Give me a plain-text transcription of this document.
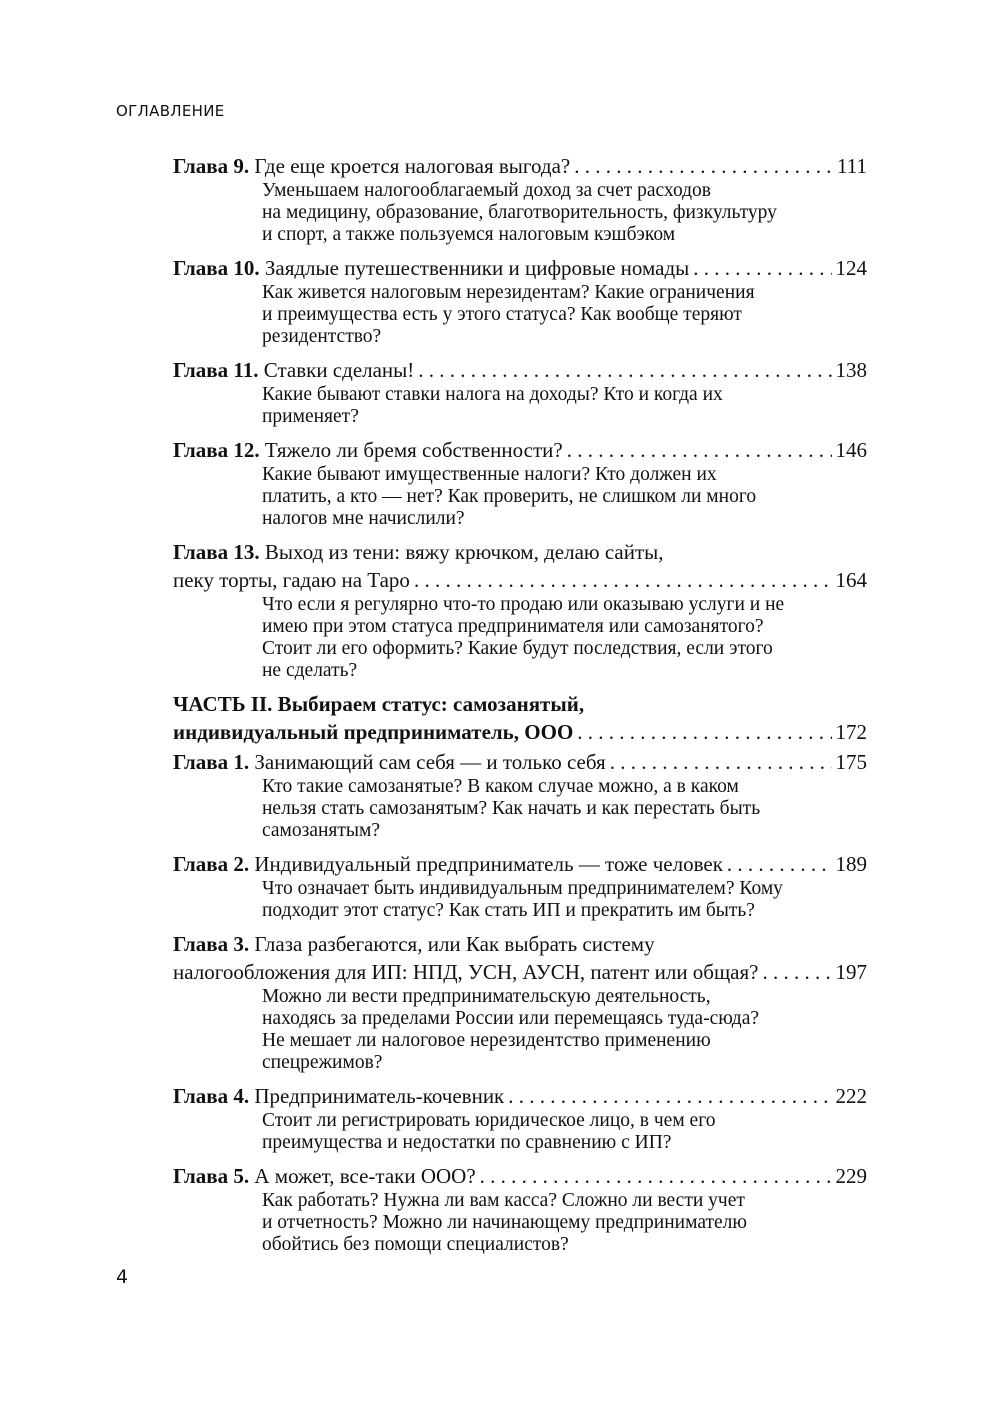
ОГЛАВЛЕНИЕ
Глава 9. Где еще кроется налоговая выгода? . . .	111
Уменьшаем налогооблагаемый доход за счет расходов
на медицину, образование, благотворительность, физкультуру
и спорт, а также пользуемся налоговым кэшбэком
Глава 10. Заядлые путешественники и цифровые номады . . .	124
Как живется налоговым нерезидентам? Какие ограничения
и преимущества есть у этого статуса? Как вообще теряют
резидентство?
Глава 11. Ставки сделаны! . . .	138
Какие бывают ставки налога на доходы? Кто и когда их
применяет?
Глава 12. Тяжело ли бремя собственности? . . .	146
Какие бывают имущественные налоги? Кто должен их
платить, а кто — нет? Как проверить, не слишком ли много
налогов мне начислили?
Глава 13. Выход из тени: вяжу крючком, делаю сайты,
пеку торты, гадаю на Таро . . .	164
Что если я регулярно что-то продаю или оказываю услуги и не
имею при этом статуса предпринимателя или самозанятого?
Стоит ли его оформить? Какие будут последствия, если этого
не сделать?
ЧАСТЬ II. Выбираем статус: самозанятый,
индивидуальный предприниматель, ООО . . .	172
Глава 1. Занимающий сам себя — и только себя . . .	175
Кто такие самозанятые? В каком случае можно, а в каком
нельзя стать самозанятым? Как начать и как перестать быть
самозанятым?
Глава 2. Индивидуальный предприниматель — тоже человек . . .	189
Что означает быть индивидуальным предпринимателем? Кому
подходит этот статус? Как стать ИП и прекратить им быть?
Глава 3. Глаза разбегаются, или Как выбрать систему
налогообложения для ИП: НПД, УСН, АУСН, патент или общая? . . .	197
Можно ли вести предпринимательскую деятельность,
находясь за пределами России или перемещаясь туда-сюда?
Не мешает ли налоговое нерезидентство применению
спецрежимов?
Глава 4. Предприниматель-кочевник . . .	222
Стоит ли регистрировать юридическое лицо, в чем его
преимущества и недостатки по сравнению с ИП?
Глава 5. А может, все-таки ООО? . . .	229
Как работать? Нужна ли вам касса? Сложно ли вести учет
и отчетность? Можно ли начинающему предпринимателю
обойтись без помощи специалистов?
4
